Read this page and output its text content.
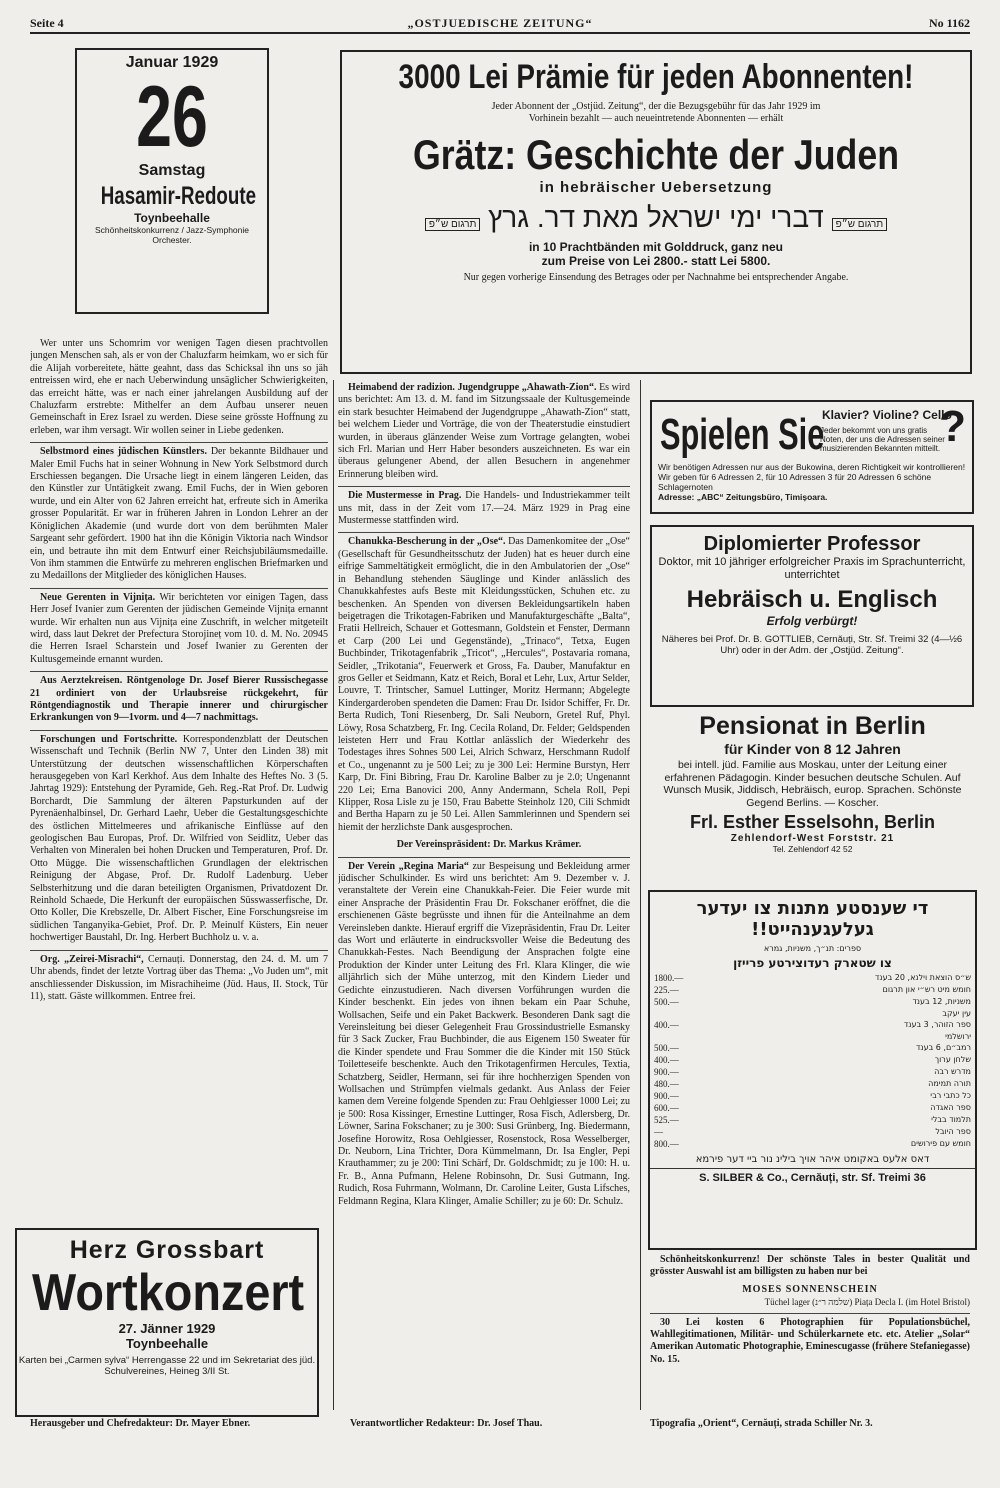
Seite 4	„OSTJUEDISCHE ZEITUNG“	No 1162
Januar 1929
26
Samstag
Hasamir-Redoute
Toynbeehalle
Schönheitskonkurrenz / Jazz-Symphonie Orchester.

Wer unter uns Schomrim vor wenigen Tagen diesen prachtvollen jungen Menschen sah, als er von der Chaluzfarm heimkam, wo er sich für die Alijah vorbereitete, hätte geahnt, dass das Schicksal ihn uns so jäh entreissen wird, ehe er nach Ueberwindung unsäglicher Schwierigkeiten, das erreicht hätte, was er nach einer jahrelangen Ausbildung auf der Chaluzfarm erstrebte: Mithelfer an dem Aufbau unserer neuen Gemeinschaft in Erez Israel zu werden. Diese seine grösste Hoffnung zu erleben, war ihm versagt. Wir wollen seiner in Liebe gedenken.

Selbstmord eines jüdischen Künstlers. Der bekannte Bildhauer und Maler Emil Fuchs hat in seiner Wohnung in New York Selbstmord durch Erschiessen begangen. Die Ursache liegt in einem längeren Leiden, das den Künstler zur Untätigkeit zwang. Emil Fuchs, der in Wien geboren wurde, und ein Alter von 62 Jahren erreicht hat, erfreute sich in Amerika grosser Popularität. Er war in früheren Jahren in London Lehrer an der Königlichen Akademie (und wurde dort von dem berühmten Maler Sargeant sehr gefördert. 1900 hat ihn die Königin Viktoria nach Windsor ein, und betraute ihn mit dem Entwurf einer Reichsjubiläumsmedaille. Von ihm stammen die Entwürfe zu mehreren englischen Briefmarken und zu Medaillons der Mitglieder des königlichen Hauses.

Neue Gerenten in Vijnița. Wir berichteten vor einigen Tagen, dass Herr Josef Ivanier zum Gerenten der jüdischen Gemeinde Vijnița ernannt wurde. Wir erhalten nun aus Vijnița eine Zuschrift, in welcher mitgeteilt wird, dass laut Dekret der Prefectura Storojineț vom 10. d. M. No. 20945 die Herren Israel Scharstein und Josef Iwanier zu Gerenten der Kultusgemeinde ernannt wurden.

Aus Aerztekreisen. Röntgenologe Dr. Josef Bierer Russischegasse 21 ordiniert von der Urlaubsreise rückgekehrt, für Röntgendiagnostik und Therapie innerer und chirurgischer Erkrankungen von 9—1vorm. und 4—7 nachmittags.

Forschungen und Fortschritte. Korrespondenzblatt der Deutschen Wissenschaft und Technik (Berlin NW 7, Unter den Linden 38) mit Unterstützung der deutschen wissenschaftlichen Körperschaften herausgegeben von Karl Kerkhof. Aus dem Inhalte des Heftes No. 3 (5. Jahrtag 1929): Entstehung der Pyramide, Geh. Reg.-Rat Prof. Dr. Ludwig Borchardt, Die Sammlung der älteren Papsturkunden auf der Pyrenäenhalbinsel, Dr. Gerhard Laehr, Ueber die Gestaltungsgeschichte des östlichen Mittelmeeres und afrikanische Einflüsse auf den geologischen Bau Europas, Prof. Dr. Wilfried von Seidlitz, Ueber das Verhalten von Mineralen bei hohen Drucken und Temperaturen, Prof. Dr. Otto Mügge. Die wissenschaftlichen Grundlagen der elektrischen Reinigung der Abgase, Prof. Dr. Rudolf Ladenburg. Ueber Selbsterhitzung und die daran beteiligten Organismen, Privatdozent Dr. Reinhold Schaede, Die Herkunft der europäischen Süsswasserfische, Dr. Otto Koller, Die Krebszelle, Dr. Albert Fischer, Eine Forschungsreise im südlichen Tanganyika-Gebiet, Prof. Dr. P. Meinulf Küsters, Ein neuer hochwertiger Baustahl, Dr. Ing. Herbert Buchholz u. v. a.

Org. „Zeirei-Misrachi“, Cernauți. Donnerstag, den 24. d. M. um 7 Uhr abends, findet der letzte Vortrag über das Thema: „Vo Juden um“, mit anschliessender Diskussion, im Misrachiheime (Jüd. Haus, II. Stock, Tür 11), statt. Gäste willkommen. Entree frei.

Herz Grossbart
Wortkonzert
27. Jänner 1929
Toynbeehalle
Karten bei „Carmen sylva“ Herrengasse 22 und im Sekretariat des jüd. Schulvereines, Heineg 3/II St.
3000 Lei Prämie für jeden Abonnenten!
Jeder Abonnent der „Ostjüd. Zeitung“, der die Bezugsgebühr für das Jahr 1929 im Vorhinein bezahlt — auch neueintretende Abonnenten — erhält
Grätz: Geschichte der Juden
in hebräischer Uebersetzung
תרגום ש״פ דברי ימי ישראל מאת דר. גרץ תרגום ש״פ
in 10 Prachtbänden mit Golddruck, ganz neu
zum Preise von Lei 2800.- statt Lei 5800.
Nur gegen vorherige Einsendung des Betrages oder per Nachnahme bei entsprechender Angabe.

Heimabend der radizion. Jugendgruppe „Ahawath-Zion“. Es wird uns berichtet: Am 13. d. M. fand im Sitzungssaale der Kultusgemeinde ein stark besuchter Heimabend der Jugendgruppe „Ahawath-Zion“ statt, bei welchem Lieder und Vorträge, die von der Theaterstudie einstudiert wurden, in überaus glänzender Weise zum Vortrage gelangten, wobei sich Frl. Marian und Herr Haber besonders auszeichneten. Es war ein überaus gelungener Abend, der allen Besuchern in angenehmer Erinnerung bleiben wird.

Die Mustermesse in Prag. Die Handels- und Industriekammer teilt uns mit, dass in der Zeit vom 17.—24. März 1929 in Prag eine Mustermesse stattfinden wird.

Chanukka-Bescherung in der „Ose“. Das Damenkomitee der „Ose“ (Gesellschaft für Gesundheitsschutz der Juden) hat es heuer durch eine eifrige Sammeltätigkeit ermöglicht, die in den Ambulatorien der „Ose“ in Behandlung stehenden Säuglinge und Kinder anlässlich des Chanukkahfestes aufs Beste mit Kleidungsstücken, Schuhen etc. zu beschenken. An Spenden von diversen Bekleidungsartikeln haben beigetragen die Trikotagen-Fabriken und Manufakturgeschäfte „Balta“, Fratii Hellreich, Schauer et Gottesmann, Goldstein et Fenster, Dermann et Carp (200 Lei und Gegenstände), „Trinaco“, Tetxa, Eugen Buchbinder, Trikotagenfabrik „Tricot“, „Hercules“, Postavaria romana, Seidler, „Trikotania“, Feuerwerk et Gross, Fa. Dauber, Manufaktur en gros Geller et Seidmann, Katz et Reich, Boral et Lehr, Lux, Artur Selder, Louvre, T. Trintscher, Samuel Luttinger, Moritz Hermann; Abgelegte Kindergarderoben spendeten die Damen: Frau Dr. Isidor Schiffer, Fr. Dr. Berta Rudich, Toni Riesenberg, Dr. Sali Neuborn, Gretel Ruf, Phyl. Löwy, Rosa Schatzberg, Fr. Ing. Cecila Roland, Dr. Felder; Geldspenden leisteten Herr und Frau Kottlar anlässlich der Wiederkehr des Todestages ihres Sohnes 500 Lei, Alrich Schwarz, Herschmann Rudolf et Co., ungenannt zu je 500 Lei; zu je 300 Lei: Hermine Burstyn, Herr Karp, Dr. Fini Bibring, Frau Dr. Karoline Balber zu je 2.0; Ungenannt 220 Lei; Erna Banovici 200, Anny Andermann, Schela Roll, Pepi Klipper, Rosa Lisle zu je 150, Frau Babette Steinholz 120, Cili Schmidt and Bertha Haparn zu je 50 Lei. Allen Sammlerinnen und Spendern sei hiemit der herzlichste Dank ausgesprochen.

Der Vereinspräsident: Dr. Markus Krämer.

Der Verein „Regina Maria“ zur Bespeisung und Bekleidung armer jüdischer Schulkinder. Es wird uns berichtet: Am 9. Dezember v. J. veranstaltete der Verein eine Chanukkah-Feier. Die Feier wurde mit einer Ansprache der Präsidentin Frau Dr. Fokschaner eröffnet, die die erschienenen Gäste begrüsste und ihnen für die Anteilnahme an dem Vereinsleben dankte. Hierauf ergriff die Vizepräsidentin, Frau Dr. Leiter das Wort und erläuterte in eindrucksvoller Weise die Bedeutung des Chanukkah-Festes. Nach Beendigung der Ansprachen folgte eine Produktion der Kinder unter Leitung des Frl. Klara Klinger, die wie alljährlich sich der Mühe unterzog, mit den Kindern Lieder und Gedichte einzustudieren. Nach diversen Vorführungen wurden die Kinder beschenkt. Ein jedes von ihnen bekam ein Paar Schuhe, Wollsachen, Seife und ein Paket Backwerk. Besonderen Dank sagt die Vereinsleitung bei dieser Gelegenheit Frau Grossindustrielle Esmansky für 3 Sack Zucker, Frau Buchbinder, die aus Eigenem 150 Sweater für die Kinder spendete und Frau Sommer die die Kinder mit 150 Stück Toiletteseife beschenkte. Auch den Trikotagenfirmen Hercules, Textia, Schatzberg, Seidler, Hermann, sei für ihre hochherzigen Spenden von Wollsachen und Strümpfen vielmals gedankt. Aus Anlass der Feier kamen dem Vereine folgende Spenden zu: Frau Oehlgiesser 1000 Lei; zu je 500: Rosa Kissinger, Ernestine Luttinger, Rosa Fisch, Adlersberg, Dr. Löwner, Sarina Fokschaner; zu je 300: Susi Grünberg, Ing. Biedermann, Josefine Horowitz, Rosa Oehlgiesser, Rosenstock, Rosa Wesselberger, Dr. Neuborn, Lina Trichter, Dora Kümmelmann, Dr. Isa Engler, Pepi Krauthammer; zu je 200: Tini Schärf, Dr. Goldschmidt; zu je 100: H. u. Fr. B., Anna Pufmann, Helene Robinsohn, Dr. Susi Gutmann, Ing. Rudich, Rosa Fuhrmann, Wolmann, Dr. Caroline Leiter, Gusta Lifsches, Feldmann Regina, Klara Klinger, Amalie Schiller; zu je 60: Dr. Schulz.

Spielen Sie
Klavier? Violine? Cello
?
Jeder bekommt von uns gratis Noten, der uns die Adressen seiner musizierenden Bekannten mitteilt.
Wir benötigen Adressen nur aus der Bukowina, deren Richtigkeit wir kontrollieren! Wir geben für 6 Adressen 2, für 10 Adressen 3 für 20 Adressen 6 schöne Schlagernoten
Adresse: „ABC“ Zeitungsbüro, Timișoara.
Diplomierter Professor
Doktor, mit 10 jähriger erfolgreicher Praxis im Sprachunterricht, unterrichtet
Hebräisch u. Englisch
Erfolg verbürgt!
Näheres bei Prof. Dr. B. GOTTLIEB, Cernăuți, Str. Sf. Treimi 32 (4—½6 Uhr) oder in der Adm. der „Ostjüd. Zeitung“.
Pensionat in Berlin
für Kinder von 8 12 Jahren
bei intell. jüd. Familie aus Moskau, unter der Leitung einer erfahrenen Pädagogin. Kinder besuchen deutsche Schulen. Auf Wunsch Musik, Jiddisch, Hebräisch, europ. Sprachen. Schönste Gegend Berlins. — Koscher.
Frl. Esther Esselsohn, Berlin
Zehlendorf-West Forststr. 21
Tel. Zehlendorf 42 52
די שענסטע מתנות צו יעדער
געלעגענהייט!!
ספרים: תנ״ך, משניות, גמרא
צו שטארק רעדוצירטע פרייזן
1800.—	ש״ס הוצאת וילנא, 20 בענד
225.—	חומש מיט רש״י און תרגום
500.—	משניות, 12 בענד
	עין יעקב
400.—	ספר הזוהר, 3 בענד
	ירושלמי
500.—	רמב״ם, 6 בענד
400.—	שלחן ערוך
900.—	מדרש רבה
480.—	תורה תמימה
900.—	כל כתבי רבי
600.—	ספר האגדה
525.—	תלמוד בבלי
—	ספר היובל
800.—	חומש עם פירושים
דאס אלעס באקומט איהר אויך בילינ נור ביי דער פירמא
S. SILBER & Co., Cernăuți, str. Sf. Treimi 36

Schönheitskonkurrenz! Der schönste Tales in bester Qualität und grösster Auswahl ist am billigsten zu haben nur bei

MOSES SONNENSCHEIN
Tüchel lager (שלמה ר״נ) Piața Decla I. (im Hotel Bristol)

30 Lei kosten 6 Photographien für Populationsbüchel, Wahllegitimationen, Militär- und Schülerkarnete etc. etc. Atelier „Solar“ Amerikan Automatic Photographie, Eminescugasse (frühere Stefaniegasse) No. 15.

Herausgeber und Chefredakteur: Dr. Mayer Ebner.	Verantwortlicher Redakteur: Dr. Josef Thau.	Tipografia „Orient“, Cernăuți, strada Schiller Nr. 3.
